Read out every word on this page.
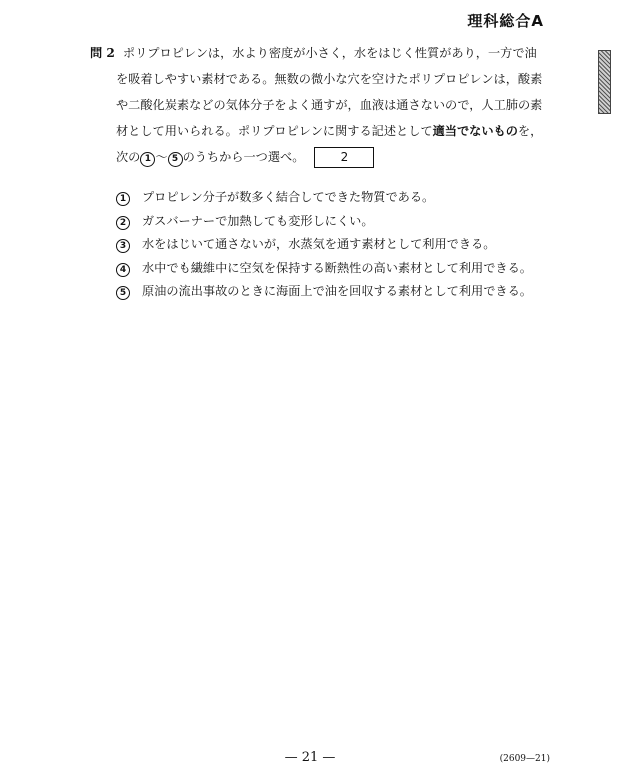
理科総合A
問 2 ポリプロピレンは，水より密度が小さく，水をはじく性質があり，一方で油
を吸着しやすい素材である。無数の微小な穴を空けたポリプロピレンは，酸素
や二酸化炭素などの気体分子をよく通すが，血液は通さないので，人工肺の素
材として用いられる。ポリプロピレンに関する記述として適当でないものを，
次の 1 ～ 5 のうちから一つ選べ。	2
1 プロピレン分子が数多く結合してできた物質である。
2 ガスバーナーで加熱しても変形しにくい。
3 水をはじいて通さないが，水蒸気を通す素材として利用できる。
4 水中でも繊維中に空気を保持する断熱性の高い素材として利用できる。
5 原油の流出事故のときに海面上で油を回収する素材として利用できる。
— 21 —	(2609—21)
